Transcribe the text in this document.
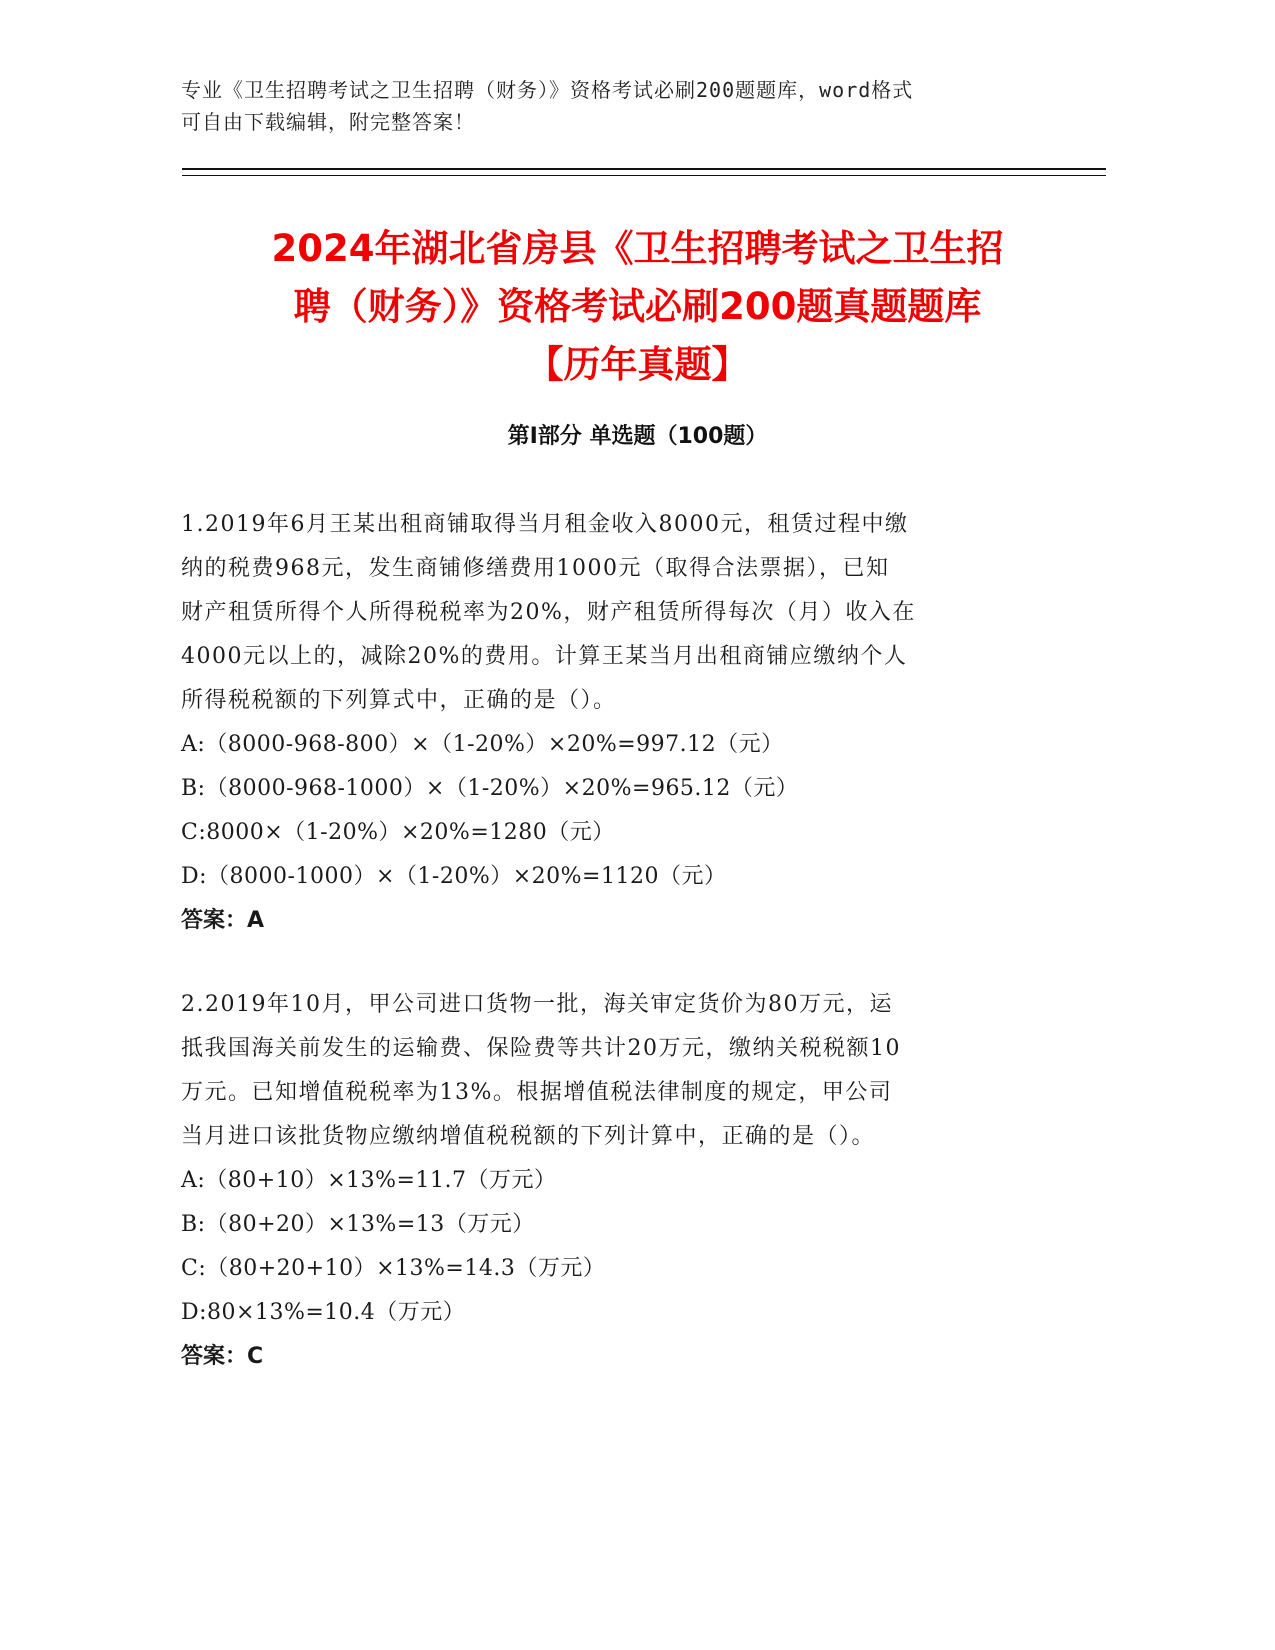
专业《卫生招聘考试之卫生招聘（财务）》资格考试必刷200题题库，word格式
可自由下载编辑，附完整答案！
2024年湖北省房县《卫生招聘考试之卫生招
聘（财务）》资格考试必刷200题真题题库
【历年真题】
第Ⅰ部分 单选题（100题）
1.2019年6月王某出租商铺取得当月租金收入8000元，租赁过程中缴
纳的税费968元，发生商铺修缮费用1000元（取得合法票据），已知
财产租赁所得个人所得税税率为20%，财产租赁所得每次（月）收入在
4000元以上的，减除20%的费用。计算王某当月出租商铺应缴纳个人
所得税税额的下列算式中，正确的是（）。
A:（8000-968-800）×（1-20%）×20%=997.12（元）
B:（8000-968-1000）×（1-20%）×20%=965.12（元）
C:8000×（1-20%）×20%=1280（元）
D:（8000-1000）×（1-20%）×20%=1120（元）
答案：A
2.2019年10月，甲公司进口货物一批，海关审定货价为80万元，运
抵我国海关前发生的运输费、保险费等共计20万元，缴纳关税税额10
万元。已知增值税税率为13%。根据增值税法律制度的规定，甲公司
当月进口该批货物应缴纳增值税税额的下列计算中，正确的是（）。
A:（80+10）×13%=11.7（万元）
B:（80+20）×13%=13（万元）
C:（80+20+10）×13%=14.3（万元）
D:80×13%=10.4（万元）
答案：C
